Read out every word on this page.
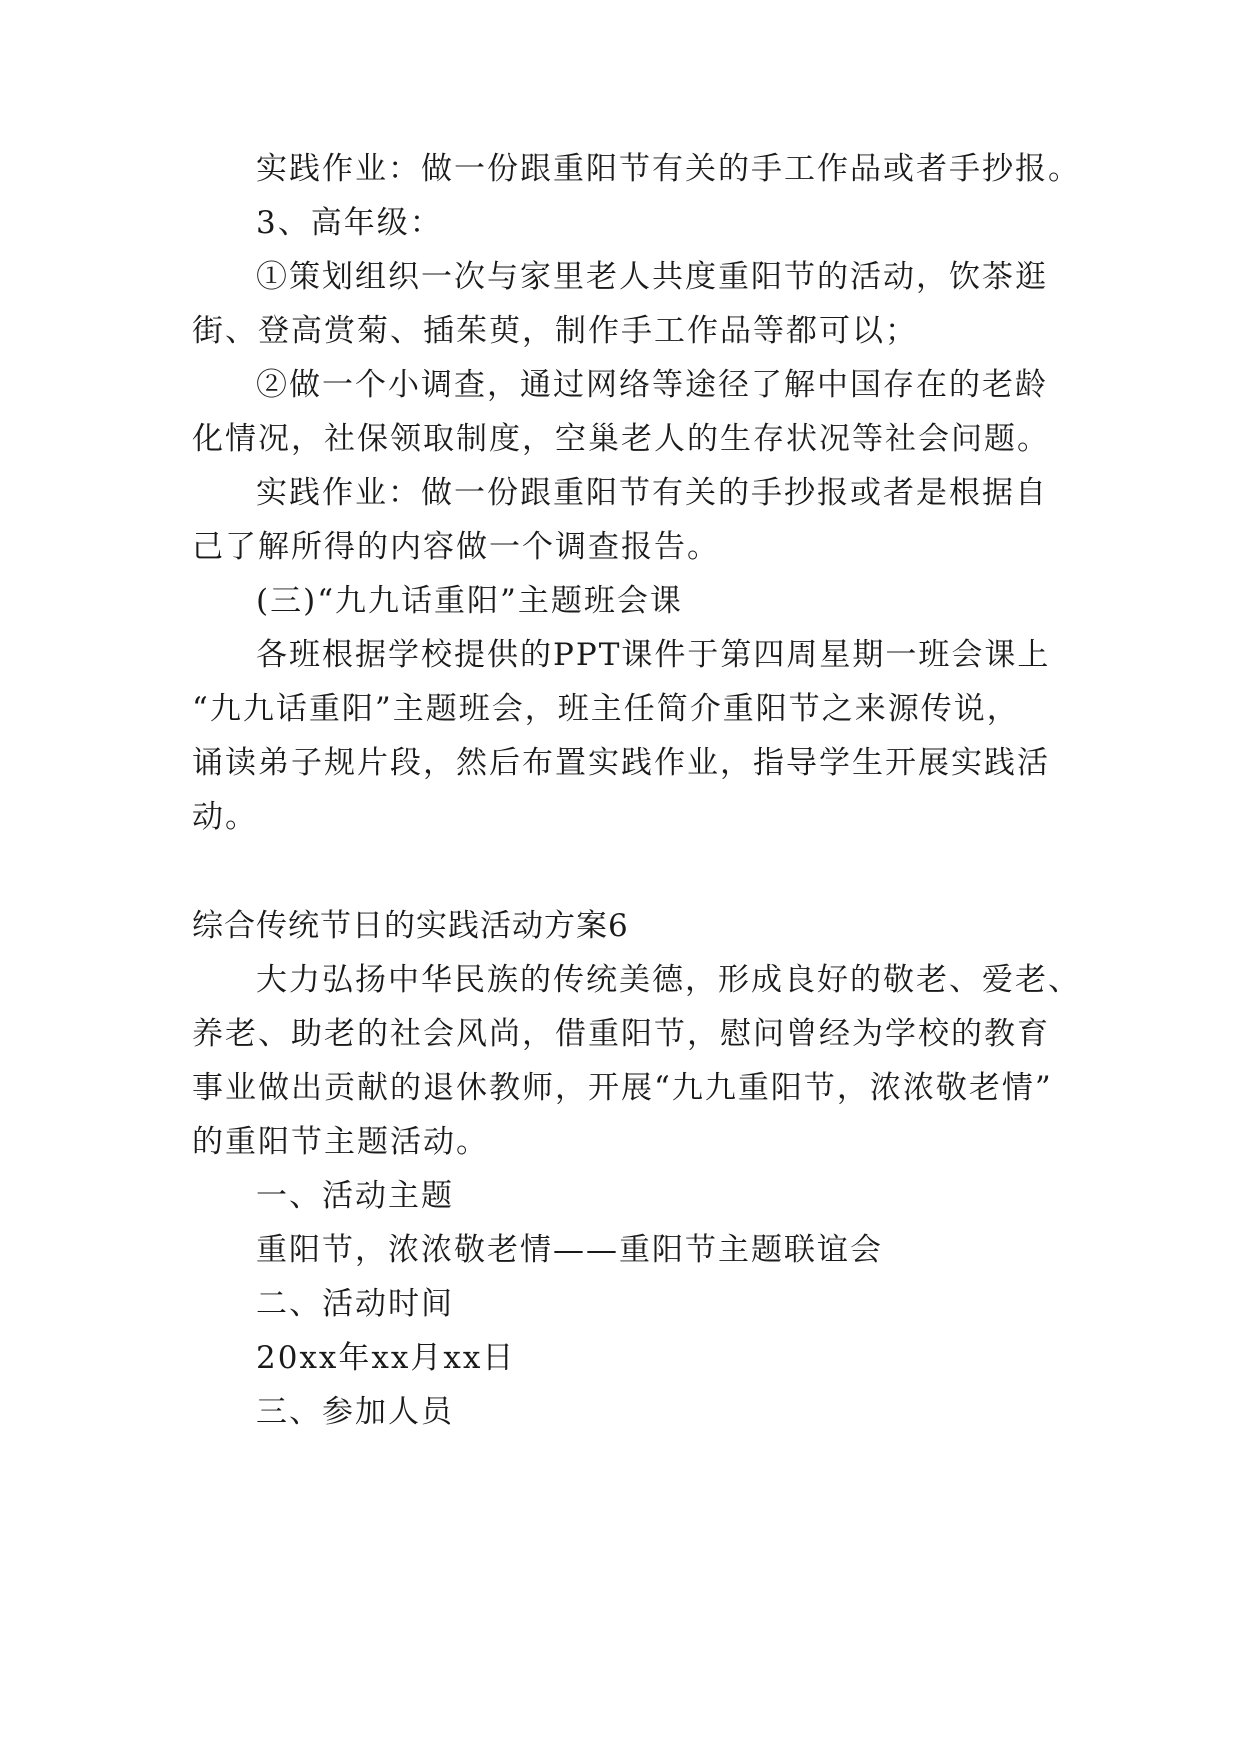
实践作业：做一份跟重阳节有关的手工作品或者手抄报。
3、高年级：
①策划组织一次与家里老人共度重阳节的活动，饮茶逛
街、登高赏菊、插茱萸，制作手工作品等都可以；
②做一个小调查，通过网络等途径了解中国存在的老龄
化情况，社保领取制度，空巢老人的生存状况等社会问题。
实践作业：做一份跟重阳节有关的手抄报或者是根据自
己了解所得的内容做一个调查报告。
(三)“九九话重阳”主题班会课
各班根据学校提供的PPT课件于第四周星期一班会课上
“九九话重阳”主题班会，班主任简介重阳节之来源传说，
诵读弟子规片段，然后布置实践作业，指导学生开展实践活
动。
综合传统节日的实践活动方案6
大力弘扬中华民族的传统美德，形成良好的敬老、爱老、
养老、助老的社会风尚，借重阳节，慰问曾经为学校的教育
事业做出贡献的退休教师，开展“九九重阳节，浓浓敬老情”
的重阳节主题活动。
一、活动主题
重阳节，浓浓敬老情——重阳节主题联谊会
二、活动时间
20xx年xx月xx日
三、参加人员
